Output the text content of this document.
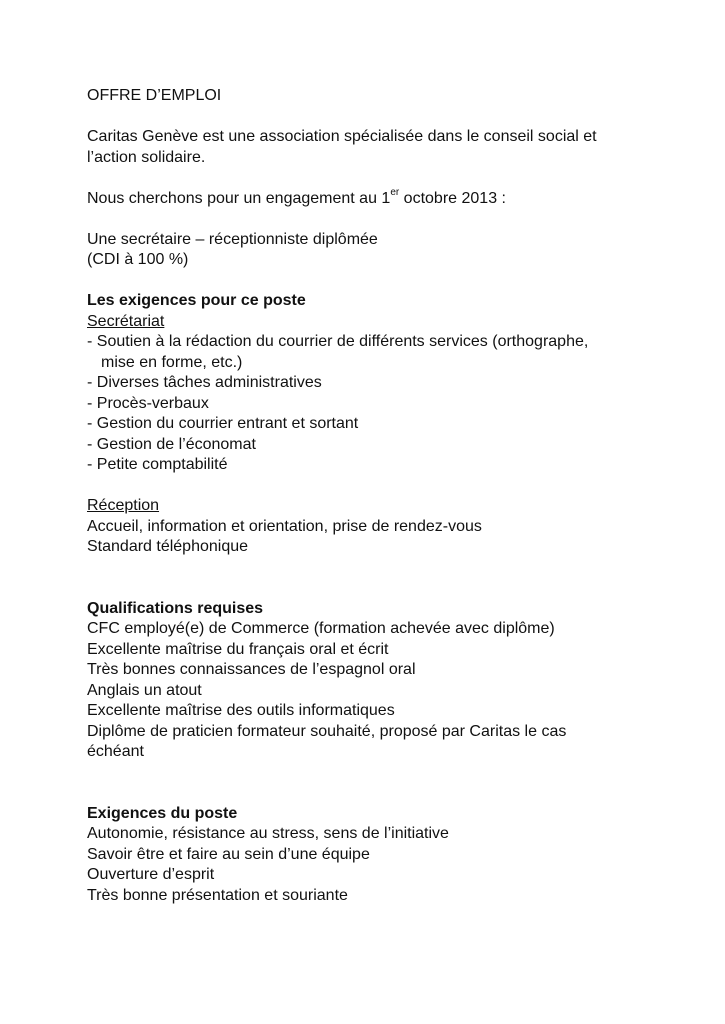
OFFRE D’EMPLOI
Caritas Genève est une association spécialisée dans le conseil social et
l’action solidaire.
Nous cherchons pour un engagement au 1er octobre 2013 :
Une secrétaire – réceptionniste diplômée
(CDI à 100 %)
Les exigences pour ce poste
Secrétariat
- Soutien à la rédaction du courrier de différents services (orthographe,
mise en forme, etc.)
- Diverses tâches administratives
- Procès-verbaux
- Gestion du courrier entrant et sortant
- Gestion de l’économat
- Petite comptabilité
Réception
Accueil, information et orientation, prise de rendez-vous
Standard téléphonique
Qualifications requises
CFC employé(e) de Commerce (formation achevée avec diplôme)
Excellente maîtrise du français oral et écrit
Très bonnes connaissances de l’espagnol oral
Anglais un atout
Excellente maîtrise des outils informatiques
Diplôme de praticien formateur souhaité, proposé par Caritas le cas
échéant
Exigences du poste
Autonomie, résistance au stress, sens de l’initiative
Savoir être et faire au sein d’une équipe
Ouverture d’esprit
Très bonne présentation et souriante
